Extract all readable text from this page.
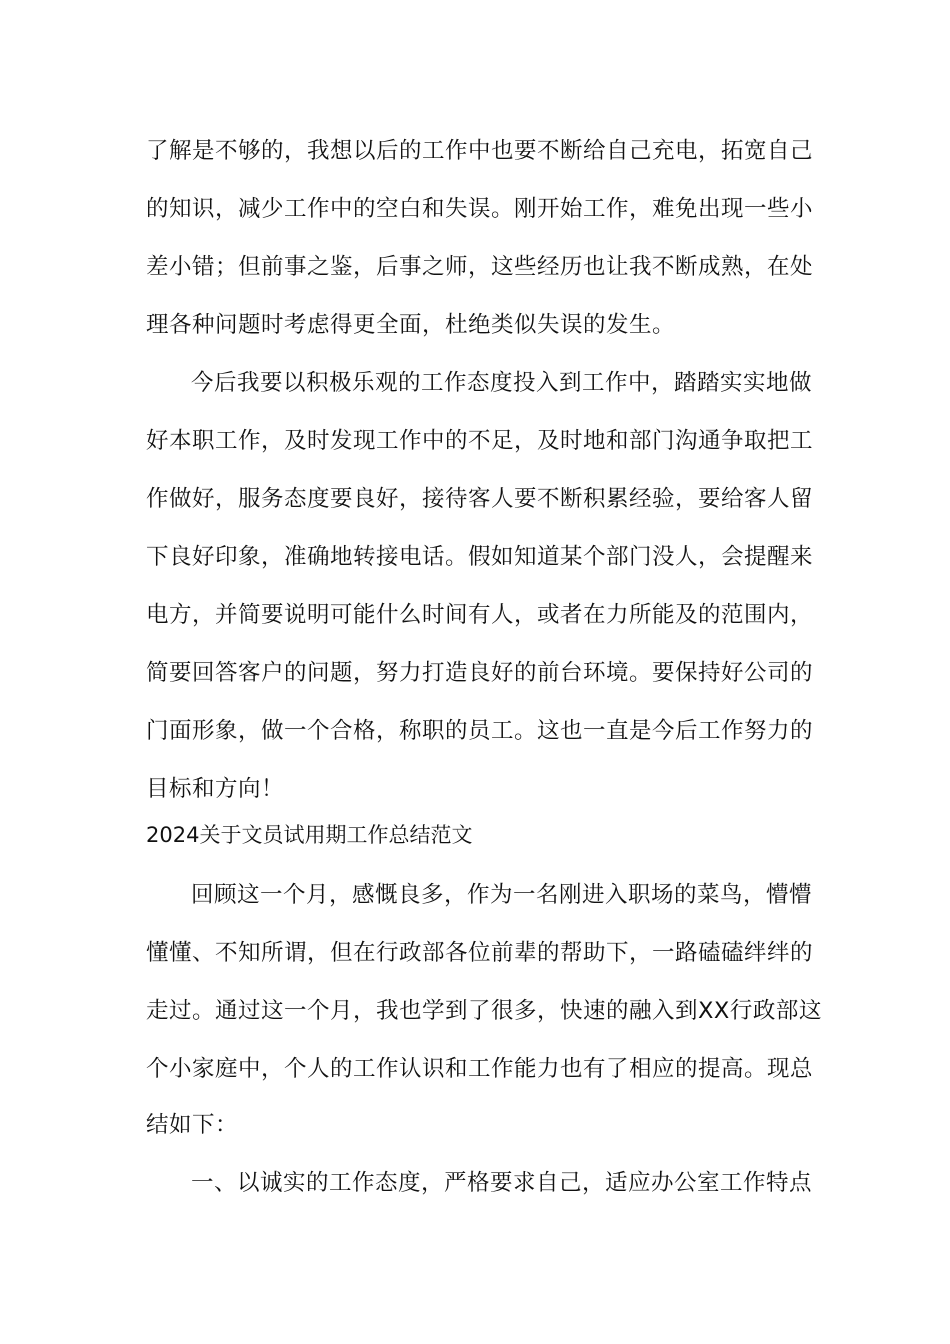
了解是不够的，我想以后的工作中也要不断给自己充电，拓宽自己
的知识，减少工作中的空白和失误。刚开始工作，难免出现一些小
差小错；但前事之鉴，后事之师，这些经历也让我不断成熟，在处
理各种问题时考虑得更全面，杜绝类似失误的发生。
今后我要以积极乐观的工作态度投入到工作中，踏踏实实地做
好本职工作，及时发现工作中的不足，及时地和部门沟通争取把工
作做好，服务态度要良好，接待客人要不断积累经验，要给客人留
下良好印象，准确地转接电话。假如知道某个部门没人，会提醒来
电方，并简要说明可能什么时间有人，或者在力所能及的范围内，
简要回答客户的问题，努力打造良好的前台环境。要保持好公司的
门面形象，做一个合格，称职的员工。这也一直是今后工作努力的
目标和方向！
2024关于文员试用期工作总结范文
回顾这一个月，感慨良多，作为一名刚进入职场的菜鸟，懵懵
懂懂、不知所谓，但在行政部各位前辈的帮助下，一路磕磕绊绊的
走过。通过这一个月，我也学到了很多，快速的融入到XX行政部这
个小家庭中，个人的工作认识和工作能力也有了相应的提高。现总
结如下：
一、以诚实的工作态度，严格要求自己，适应办公室工作特点
